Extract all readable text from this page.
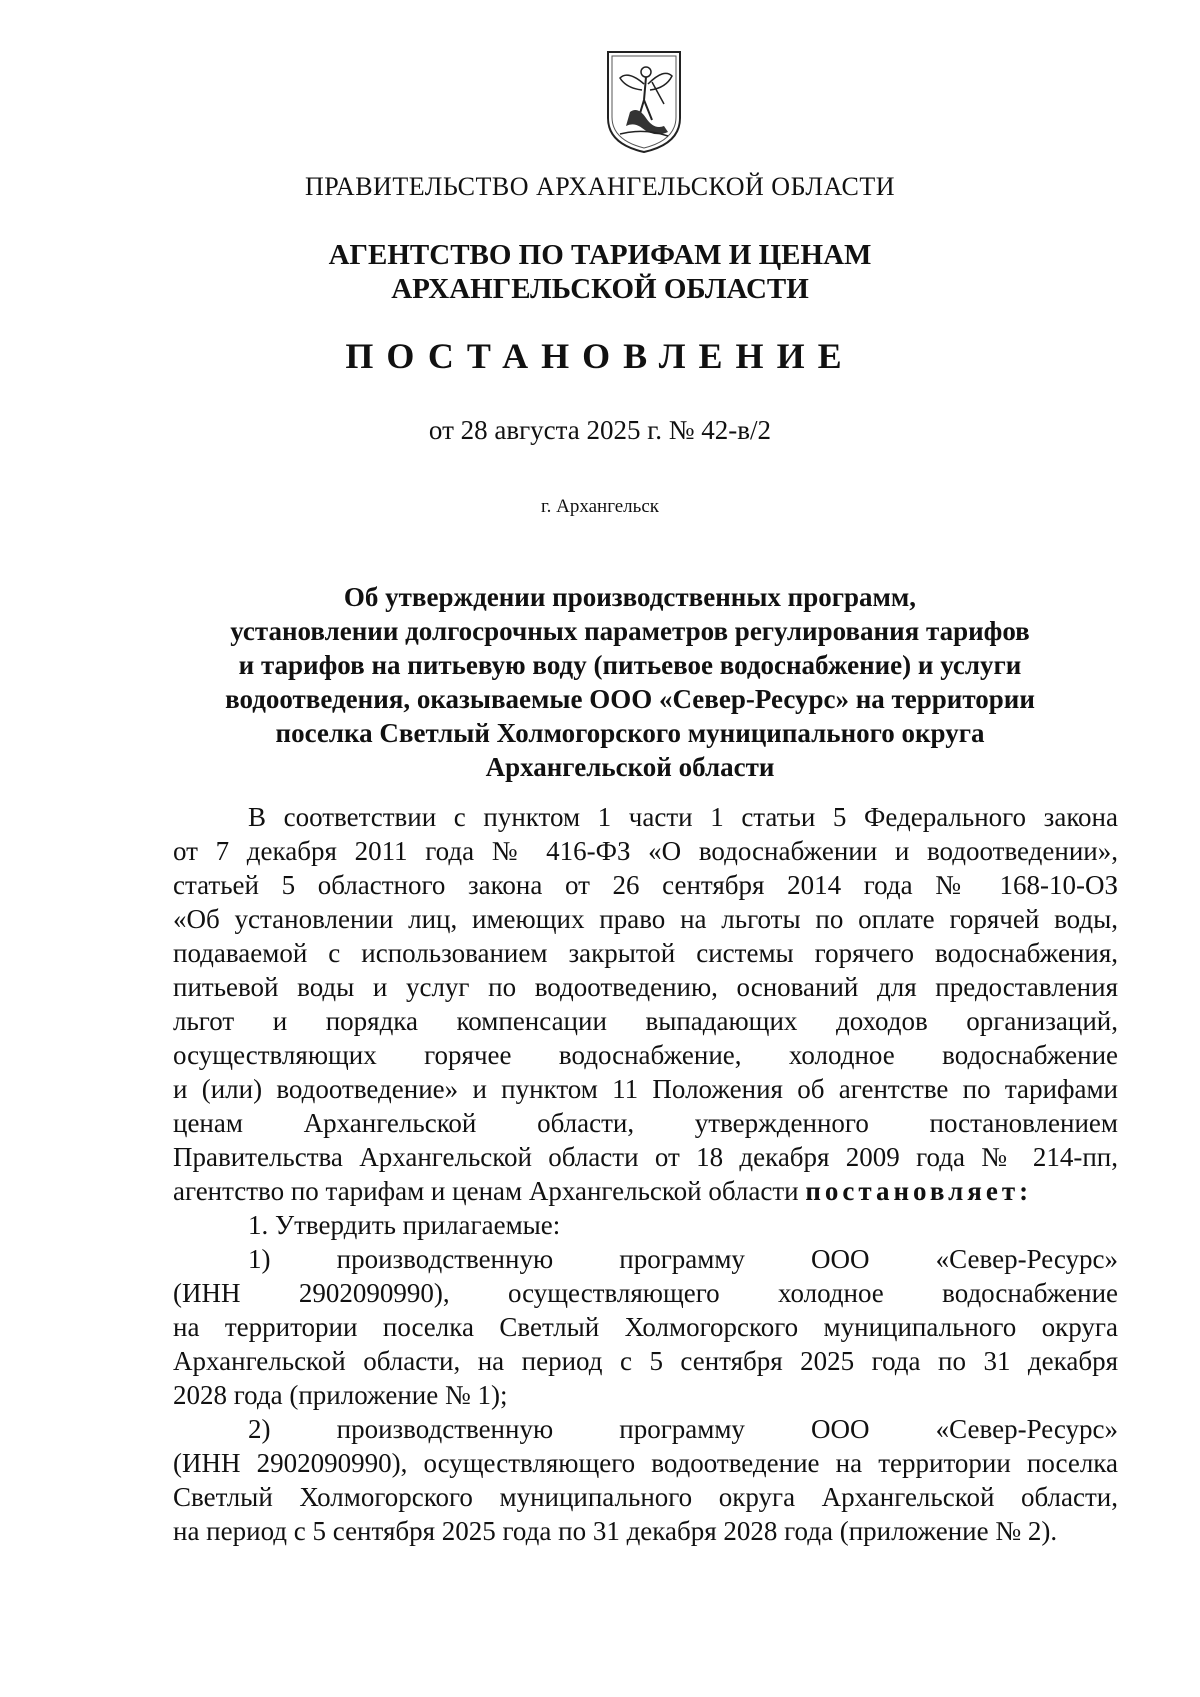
ПРАВИТЕЛЬСТВО АРХАНГЕЛЬСКОЙ ОБЛАСТИ
АГЕНТСТВО ПО ТАРИФАМ И ЦЕНАМ
АРХАНГЕЛЬСКОЙ ОБЛАСТИ
ПОСТАНОВЛЕНИЕ
от 28 августа 2025 г. № 42-в/2
г. Архангельск
Об утверждении производственных программ,
установлении долгосрочных параметров регулирования тарифов
и тарифов на питьевую воду (питьевое водоснабжение) и услуги
водоотведения, оказываемые ООО «Север-Ресурс» на территории
поселка Светлый Холмогорского муниципального округа
Архангельской области
В соответствии с пунктом 1 части 1 статьи 5 Федерального закона
от 7 декабря 2011 года № 416-ФЗ «О водоснабжении и водоотведении»,
статьей 5 областного закона от 26 сентября 2014 года № 168-10-ОЗ
«Об установлении лиц, имеющих право на льготы по оплате горячей воды,
подаваемой с использованием закрытой системы горячего водоснабжения,
питьевой воды и услуг по водоотведению, оснований для предоставления
льгот и порядка компенсации выпадающих доходов организаций,
осуществляющих горячее водоснабжение, холодное водоснабжение
и (или) водоотведение» и пунктом 11 Положения об агентстве по тарифами
ценам Архангельской области, утвержденного постановлением
Правительства Архангельской области от 18 декабря 2009 года № 214-пп,
агентство по тарифам и ценам Архангельской области постановляет:
1. Утвердить прилагаемые:
1) производственную программу ООО «Север-Ресурс»
(ИНН 2902090990), осуществляющего холодное водоснабжение
на территории поселка Светлый Холмогорского муниципального округа
Архангельской области, на период с 5 сентября 2025 года по 31 декабря
2028 года (приложение № 1);
2) производственную программу ООО «Север-Ресурс»
(ИНН 2902090990), осуществляющего водоотведение на территории поселка
Светлый Холмогорского муниципального округа Архангельской области,
на период с 5 сентября 2025 года по 31 декабря 2028 года (приложение № 2).
